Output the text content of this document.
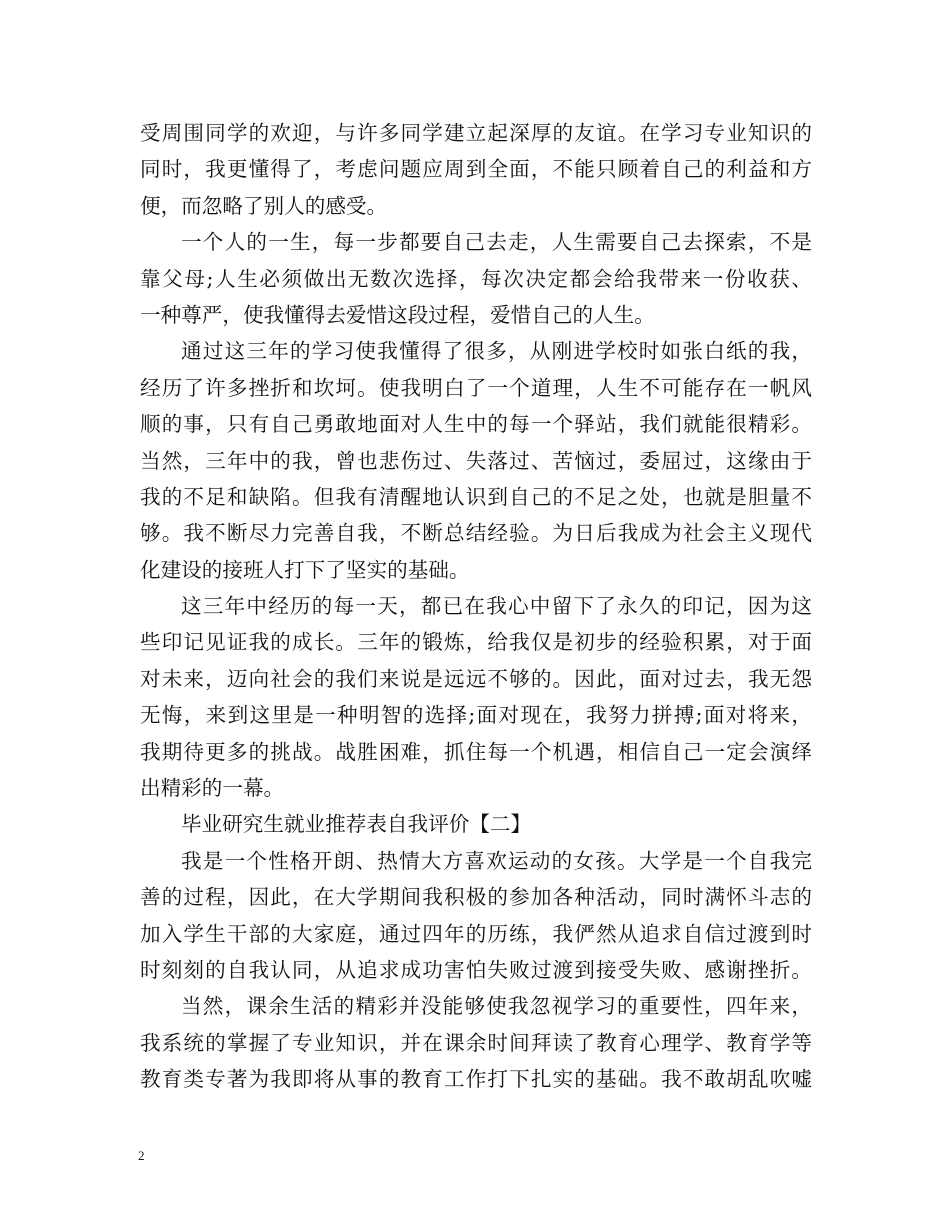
受周围同学的欢迎，与许多同学建立起深厚的友谊。在学习专业知识的
同时，我更懂得了，考虑问题应周到全面，不能只顾着自己的利益和方
便，而忽略了别人的感受。
一个人的一生，每一步都要自己去走，人生需要自己去探索，不是
靠父母;人生必须做出无数次选择，每次决定都会给我带来一份收获、
一种尊严，使我懂得去爱惜这段过程，爱惜自己的人生。
通过这三年的学习使我懂得了很多，从刚进学校时如张白纸的我，
经历了许多挫折和坎坷。使我明白了一个道理，人生不可能存在一帆风
顺的事，只有自己勇敢地面对人生中的每一个驿站，我们就能很精彩。
当然，三年中的我，曾也悲伤过、失落过、苦恼过，委屈过，这缘由于
我的不足和缺陷。但我有清醒地认识到自己的不足之处，也就是胆量不
够。我不断尽力完善自我，不断总结经验。为日后我成为社会主义现代
化建设的接班人打下了坚实的基础。
这三年中经历的每一天，都已在我心中留下了永久的印记，因为这
些印记见证我的成长。三年的锻炼，给我仅是初步的经验积累，对于面
对未来，迈向社会的我们来说是远远不够的。因此，面对过去，我无怨
无悔，来到这里是一种明智的选择;面对现在，我努力拼搏;面对将来，
我期待更多的挑战。战胜困难，抓住每一个机遇，相信自己一定会演绎
出精彩的一幕。
毕业研究生就业推荐表自我评价【二】
我是一个性格开朗、热情大方喜欢运动的女孩。大学是一个自我完
善的过程，因此，在大学期间我积极的参加各种活动，同时满怀斗志的
加入学生干部的大家庭，通过四年的历练，我俨然从追求自信过渡到时
时刻刻的自我认同，从追求成功害怕失败过渡到接受失败、感谢挫折。
当然，课余生活的精彩并没能够使我忽视学习的重要性，四年来，
我系统的掌握了专业知识，并在课余时间拜读了教育心理学、教育学等
教育类专著为我即将从事的教育工作打下扎实的基础。我不敢胡乱吹嘘
2
